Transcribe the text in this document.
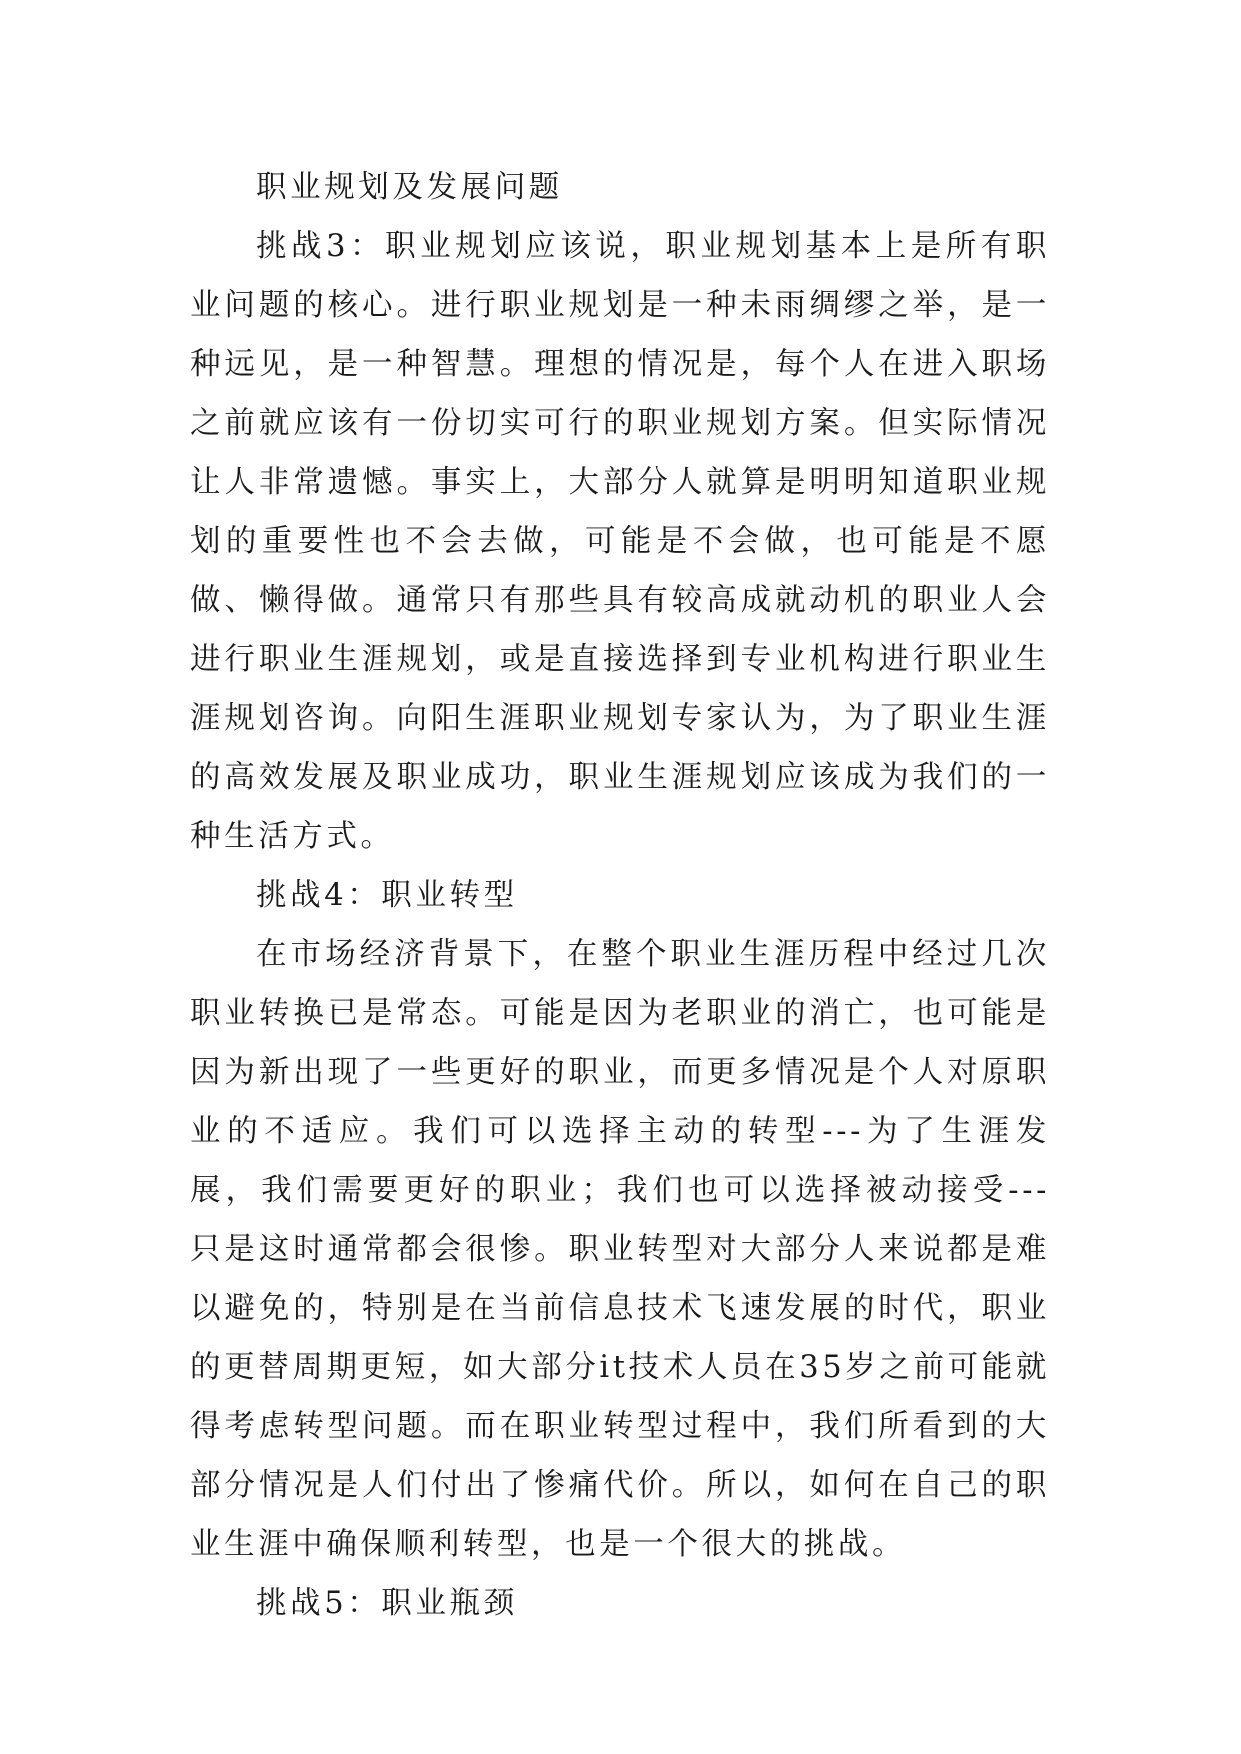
职业规划及发展问题

挑战3：职业规划应该说，职业规划基本上是所有职业问题的核心。进行职业规划是一种未雨绸缪之举，是一种远见，是一种智慧。理想的情况是，每个人在进入职场之前就应该有一份切实可行的职业规划方案。但实际情况让人非常遗憾。事实上，大部分人就算是明明知道职业规划的重要性也不会去做，可能是不会做，也可能是不愿做、懒得做。通常只有那些具有较高成就动机的职业人会进行职业生涯规划，或是直接选择到专业机构进行职业生涯规划咨询。向阳生涯职业规划专家认为，为了职业生涯的高效发展及职业成功，职业生涯规划应该成为我们的一种生活方式。

挑战4：职业转型

在市场经济背景下，在整个职业生涯历程中经过几次职业转换已是常态。可能是因为老职业的消亡，也可能是因为新出现了一些更好的职业，而更多情况是个人对原职业的不适应。我们可以选择主动的转型---为了生涯发展，我们需要更好的职业；我们也可以选择被动接受---只是这时通常都会很惨。职业转型对大部分人来说都是难以避免的，特别是在当前信息技术飞速发展的时代，职业的更替周期更短，如大部分it技术人员在35岁之前可能就得考虑转型问题。而在职业转型过程中，我们所看到的大部分情况是人们付出了惨痛代价。所以，如何在自己的职业生涯中确保顺利转型，也是一个很大的挑战。

挑战5：职业瓶颈
